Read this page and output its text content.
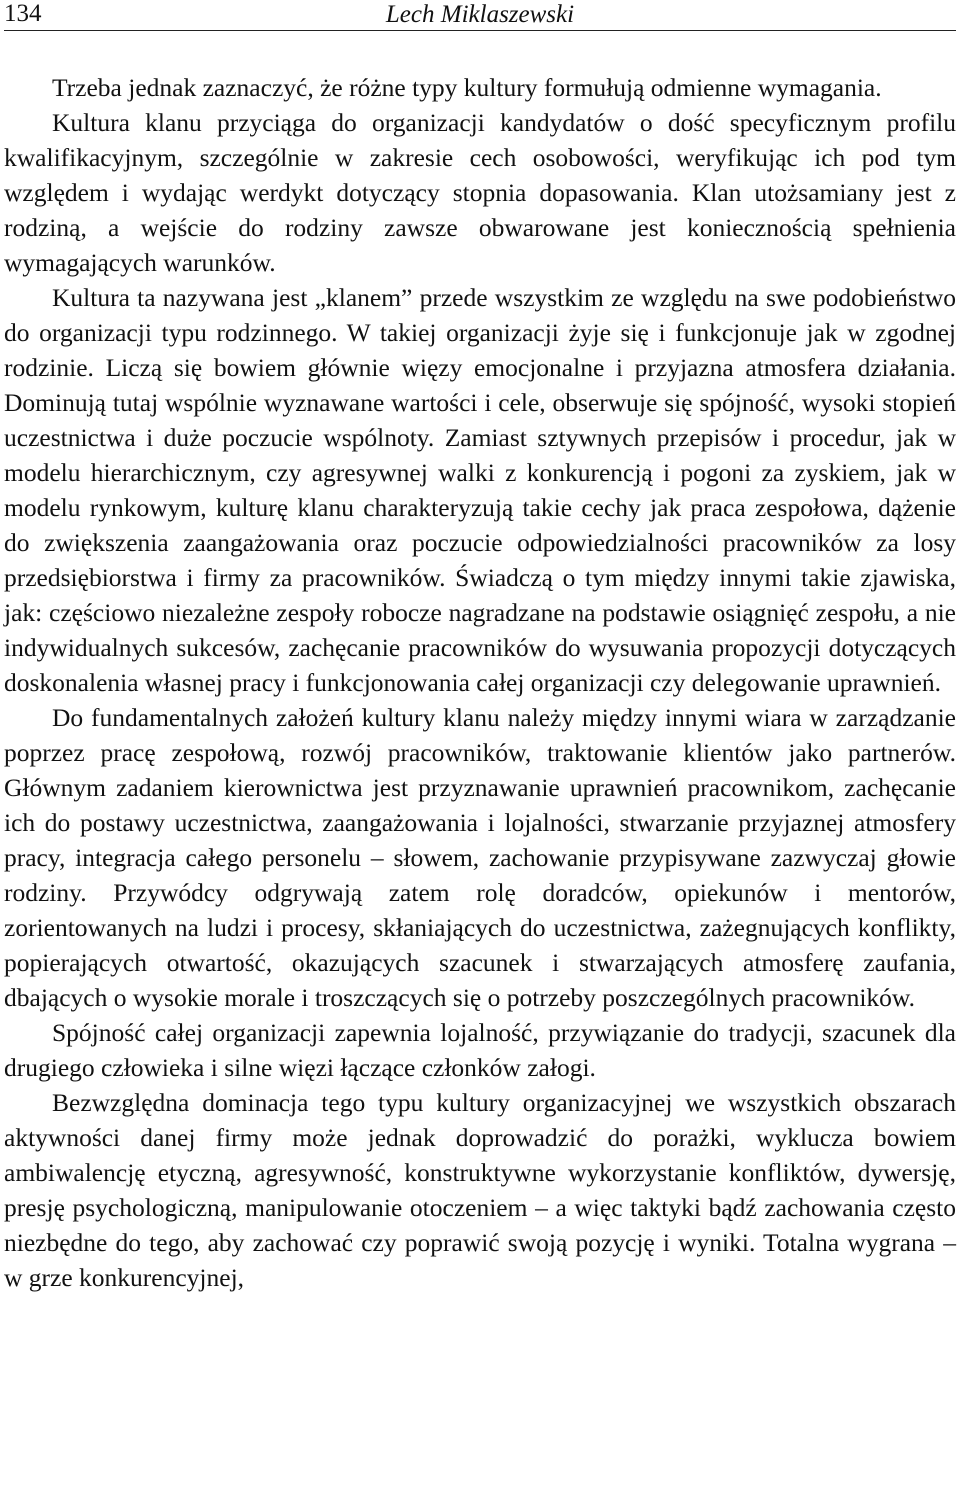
134	Lech Miklaszewski

Trzeba jednak zaznaczyć, że różne typy kultury formułują odmienne wymagania.

Kultura klanu przyciąga do organizacji kandydatów o dość specyficznym profilu kwalifikacyjnym, szczególnie w zakresie cech osobowości, weryfikując ich pod tym względem i wydając werdykt dotyczący stopnia dopasowania. Klan utożsamiany jest z rodziną, a wejście do rodziny zawsze obwarowane jest koniecznością spełnienia wymagających warunków.

Kultura ta nazywana jest „klanem” przede wszystkim ze względu na swe podobieństwo do organizacji typu rodzinnego. W takiej organizacji żyje się i funkcjonuje jak w zgodnej rodzinie. Liczą się bowiem głównie więzy emocjonalne i przyjazna atmosfera działania. Dominują tutaj wspólnie wyznawane wartości i cele, obserwuje się spójność, wysoki stopień uczestnictwa i duże poczucie wspólnoty. Zamiast sztywnych przepisów i procedur, jak w modelu hierarchicznym, czy agresywnej walki z konkurencją i pogoni za zyskiem, jak w modelu rynkowym, kulturę klanu charakteryzują takie cechy jak praca zespołowa, dążenie do zwiększenia zaangażowania oraz poczucie odpowiedzialności pracowników za losy przedsiębiorstwa i firmy za pracowników. Świadczą o tym między innymi takie zjawiska, jak: częściowo niezależne zespoły robocze nagradzane na podstawie osiągnięć zespołu, a nie indywidualnych sukcesów, zachęcanie pracowników do wysuwania propozycji dotyczących doskonalenia własnej pracy i funkcjonowania całej organizacji czy delegowanie uprawnień.

Do fundamentalnych założeń kultury klanu należy między innymi wiara w zarządzanie poprzez pracę zespołową, rozwój pracowników, traktowanie klientów jako partnerów. Głównym zadaniem kierownictwa jest przyznawanie uprawnień pracownikom, zachęcanie ich do postawy uczestnictwa, zaangażowania i lojalności, stwarzanie przyjaznej atmosfery pracy, integracja całego personelu – słowem, zachowanie przypisywane zazwyczaj głowie rodziny. Przywódcy odgrywają zatem rolę doradców, opiekunów i mentorów, zorientowanych na ludzi i procesy, skłaniających do uczestnictwa, zażegnujących konflikty, popierających otwartość, okazujących szacunek i stwarzających atmosferę zaufania, dbających o wysokie morale i troszczących się o potrzeby poszczególnych pracowników.

Spójność całej organizacji zapewnia lojalność, przywiązanie do tradycji, szacunek dla drugiego człowieka i silne więzi łączące członków załogi.

Bezwzględna dominacja tego typu kultury organizacyjnej we wszystkich obszarach aktywności danej firmy może jednak doprowadzić do porażki, wyklucza bowiem ambiwalencję etyczną, agresywność, konstruktywne wykorzystanie konfliktów, dywersję, presję psychologiczną, manipulowanie otoczeniem – a więc taktyki bądź zachowania często niezbędne do tego, aby zachować czy poprawić swoją pozycję i wyniki. Totalna wygrana – w grze konkurencyjnej,
